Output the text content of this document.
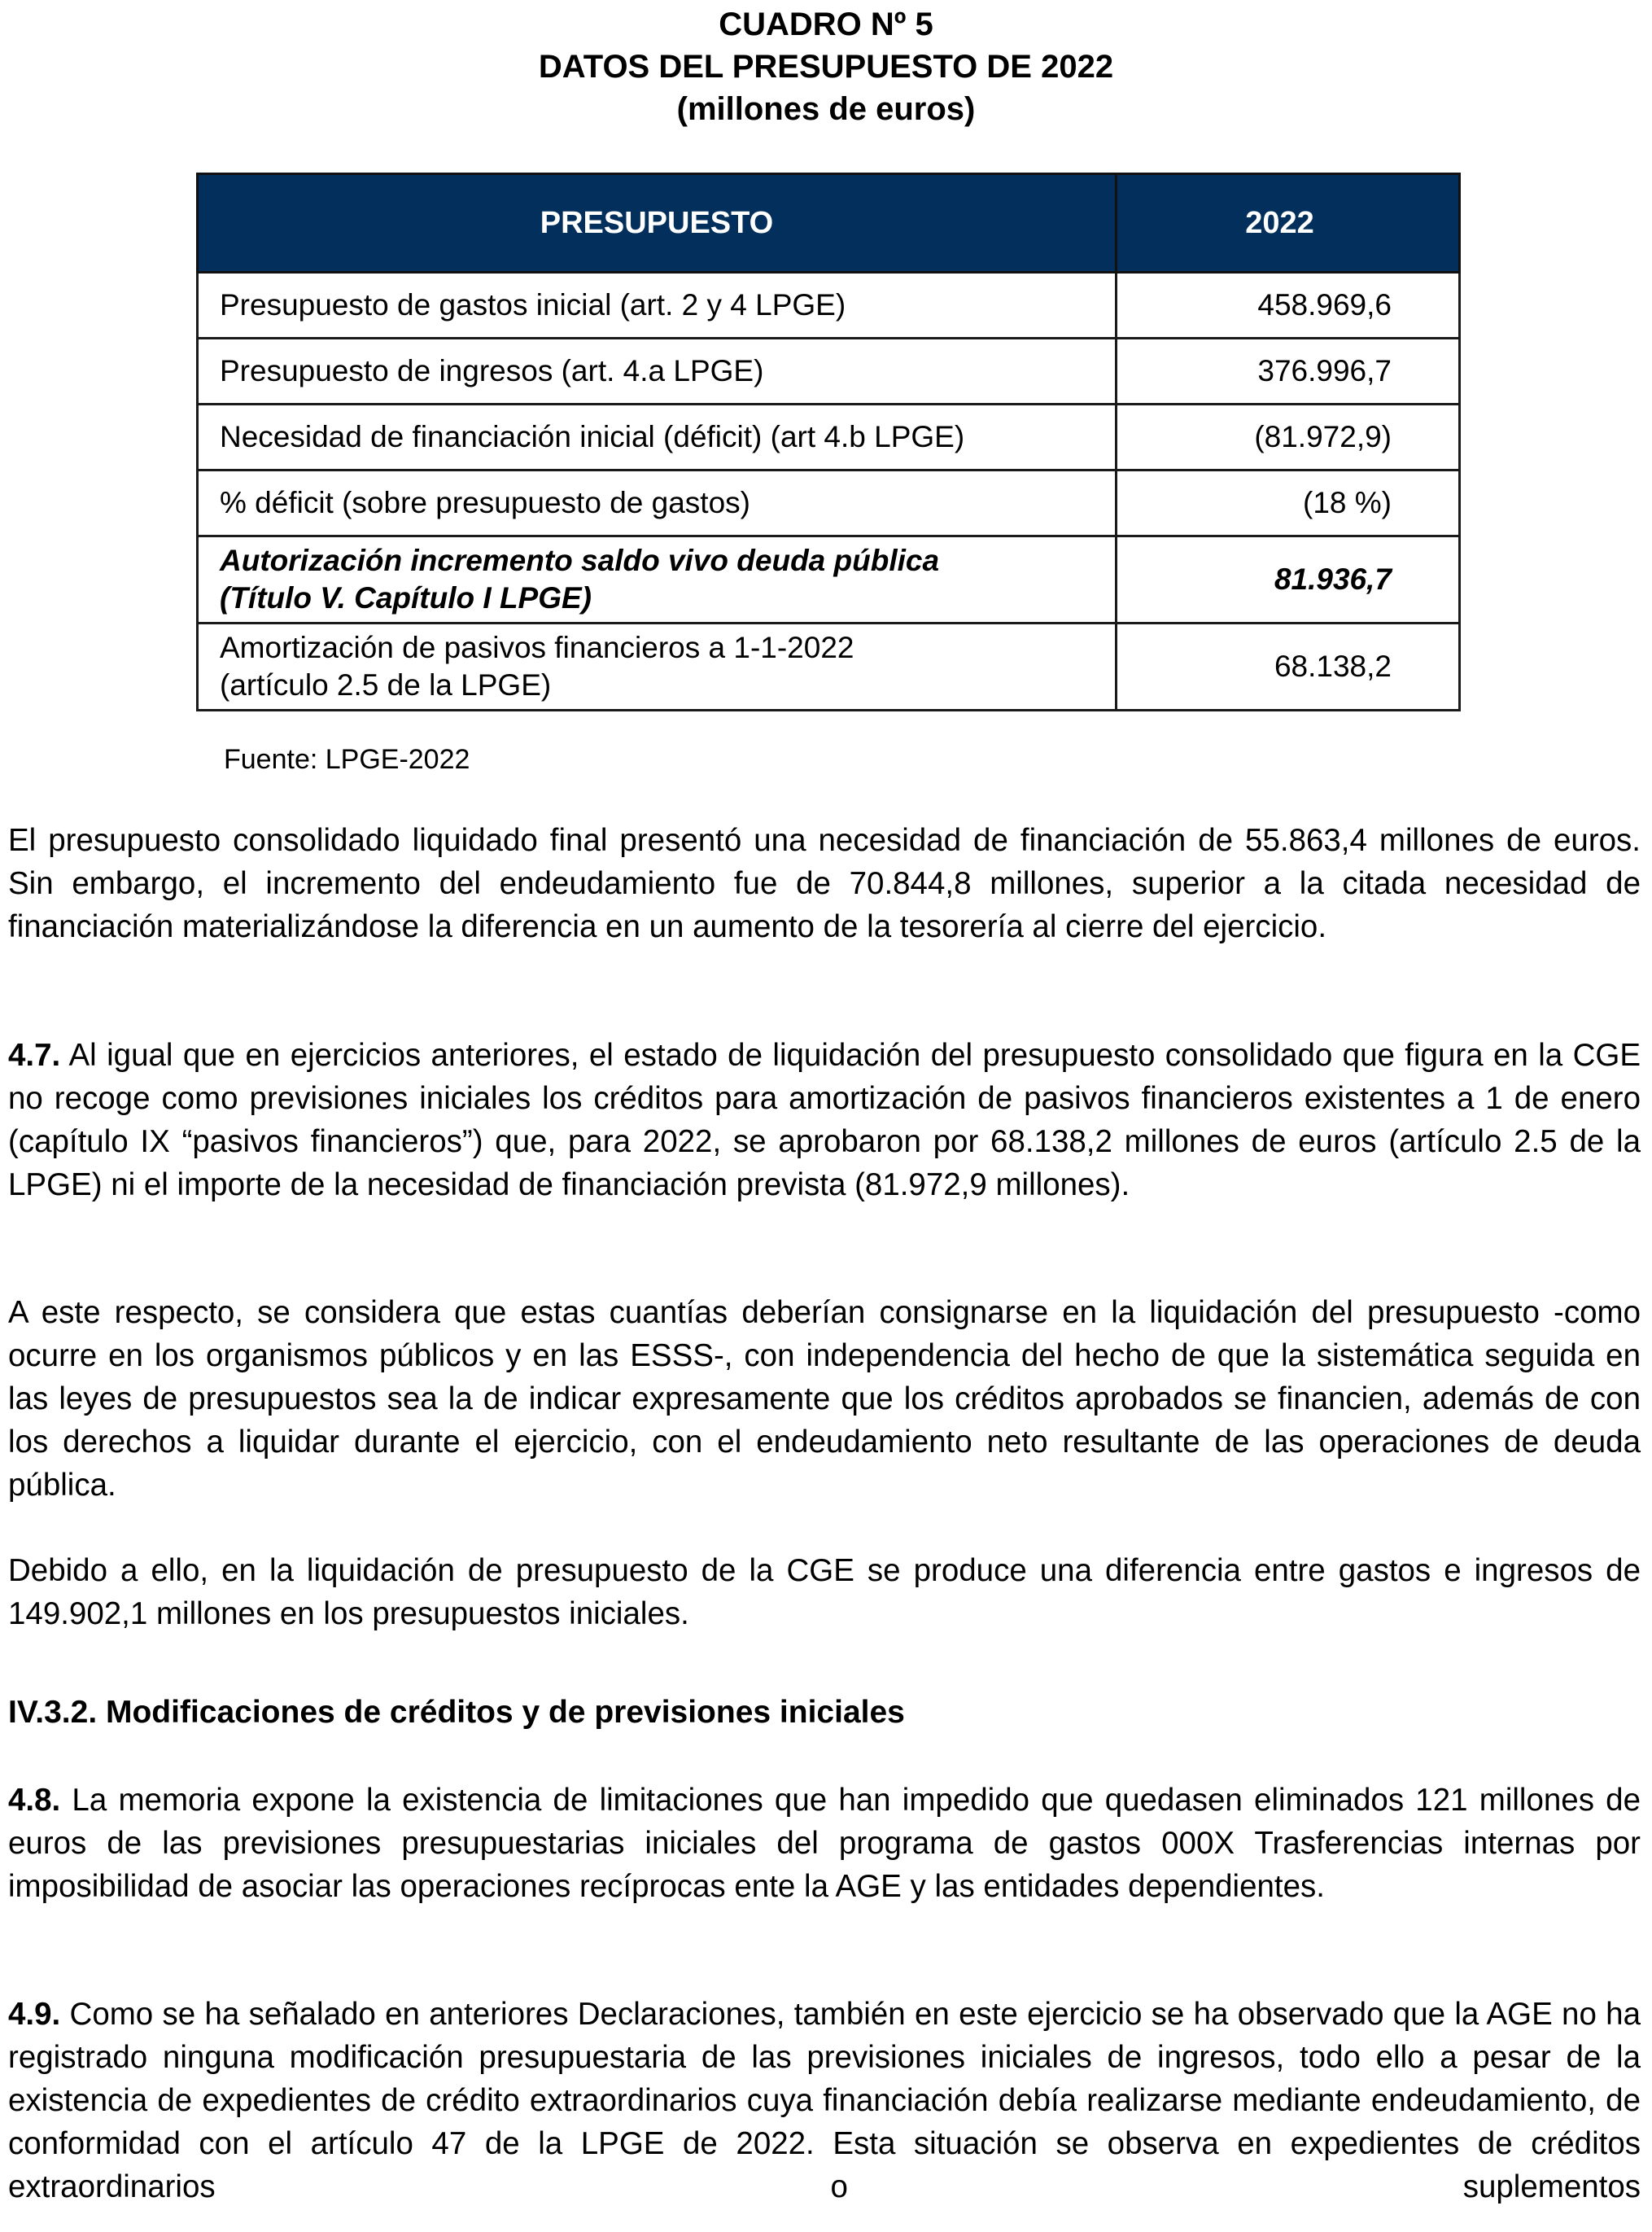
CUADRO Nº 5
DATOS DEL PRESUPUESTO DE 2022
(millones de euros)
PRESUPUESTO	2022
Presupuesto de gastos inicial (art. 2 y 4 LPGE)	458.969,6
Presupuesto de ingresos (art. 4.a LPGE)	376.996,7
Necesidad de financiación inicial (déficit) (art 4.b LPGE)	(81.972,9)
% déficit (sobre presupuesto de gastos)	(18 %)

Autorización incremento saldo vivo deuda pública
(Título V. Capítulo I LPGE)	81.936,7

Amortización de pasivos financieros a 1-1-2022
(artículo 2.5 de la LPGE)	68.138,2
Fuente: LPGE-2022

El presupuesto consolidado liquidado final presentó una necesidad de financiación de 55.863,4 millones de euros. Sin embargo, el incremento del endeudamiento fue de 70.844,8 millones, superior a la citada necesidad de financiación materializándose la diferencia en un aumento de la tesorería al cierre del ejercicio.

4.7. Al igual que en ejercicios anteriores, el estado de liquidación del presupuesto consolidado que figura en la CGE no recoge como previsiones iniciales los créditos para amortización de pasivos financieros existentes a 1 de enero (capítulo IX “pasivos financieros”) que, para 2022, se aprobaron por 68.138,2 millones de euros (artículo 2.5 de la LPGE) ni el importe de la necesidad de financiación prevista (81.972,9 millones).

A este respecto, se considera que estas cuantías deberían consignarse en la liquidación del presupuesto -como ocurre en los organismos públicos y en las ESSS-, con independencia del hecho de que la sistemática seguida en las leyes de presupuestos sea la de indicar expresamente que los créditos aprobados se financien, además de con los derechos a liquidar durante el ejercicio, con el endeudamiento neto resultante de las operaciones de deuda pública.

Debido a ello, en la liquidación de presupuesto de la CGE se produce una diferencia entre gastos e ingresos de 149.902,1 millones en los presupuestos iniciales.

IV.3.2. Modificaciones de créditos y de previsiones iniciales

4.8. La memoria expone la existencia de limitaciones que han impedido que quedasen eliminados 121 millones de euros de las previsiones presupuestarias iniciales del programa de gastos 000X Trasferencias internas por imposibilidad de asociar las operaciones recíprocas ente la AGE y las entidades dependientes.

4.9. Como se ha señalado en anteriores Declaraciones, también en este ejercicio se ha observado que la AGE no ha registrado ninguna modificación presupuestaria de las previsiones iniciales de ingresos, todo ello a pesar de la existencia de expedientes de crédito extraordinarios cuya financiación debía realizarse mediante endeudamiento, de conformidad con el artículo 47 de la LPGE de 2022. Esta situación se observa en expedientes de créditos extraordinarios o suplementos
